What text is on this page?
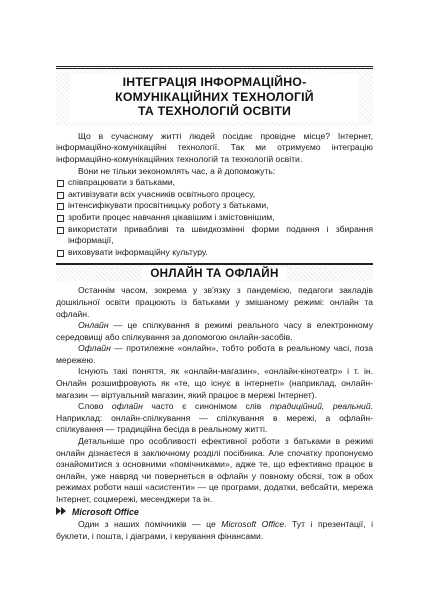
ІНТЕГРАЦІЯ ІНФОРМАЦІЙНО-
КОМУНІКАЦІЙНИХ ТЕХНОЛОГІЙ
ТА ТЕХНОЛОГІЙ ОСВІТИ

Що в сучасному житті людей посідає провідне місце? Інтернет, інформаційно-комунікаційні технології. Так ми отримуємо інтеграцію інформаційно-комунікаційних технологій та технологій освіти.

Вони не тільки зекономлять час, а й допоможуть:

співпрацювати з батьками,
активізувати всіх учасників освітнього процесу,
інтенсифікувати просвітницьку роботу з батьками,
зробити процес навчання цікавішим і змістовнішим,
використати привабливі та швидкозмінні форми подання і збирання інформації,
виховувати інформаційну культуру.
ОНЛАЙН ТА ОФЛАЙН

Останнім часом, зокрема у зв'язку з пандемією, педагоги закладів дошкільної освіти працюють із батьками у змішаному режимі: онлайн та офлайн.

Онлайн — це спілкування в режимі реального часу в електронному середовищі або спілкування за допомогою онлайн-засобів.

Офлайн — протилежне «онлайн», тобто робота в реальному часі, поза мережею.

Існують такі поняття, як «онлайн-магазин», «онлайн-кінотеатр» і т. ін. Онлайн розшифровують як «те, що існує в інтернеті» (наприклад, онлайн-магазин — віртуальний магазин, який працює в мережі Інтернет).

Слово офлайн часто є синонімом слів традиційний, реальний. Наприклад: онлайн-спілкування — спілкування в мережі, а офлайн-спілкування — традиційна бесіда в реальному житті.

Детальніше про особливості ефективної роботи з батьками в режимі онлайн дізнаєтеся в заключному розділі посібника. Але спочатку пропонуємо ознайомитися з основними «помічниками», адже те, що ефективно працює в онлайн, уже навряд чи повернеться в офлайн у повному обсязі, тож в обох режимах роботи наші «асистенти» — це програми, додатки, вебсайти, мережа Інтернет, соцмережі, месенджери та ін.

Microsoft Office

Один з наших помічників — це Microsoft Office. Тут і презентації, і буклети, і пошта, і діаграми, і керування фінансами.
